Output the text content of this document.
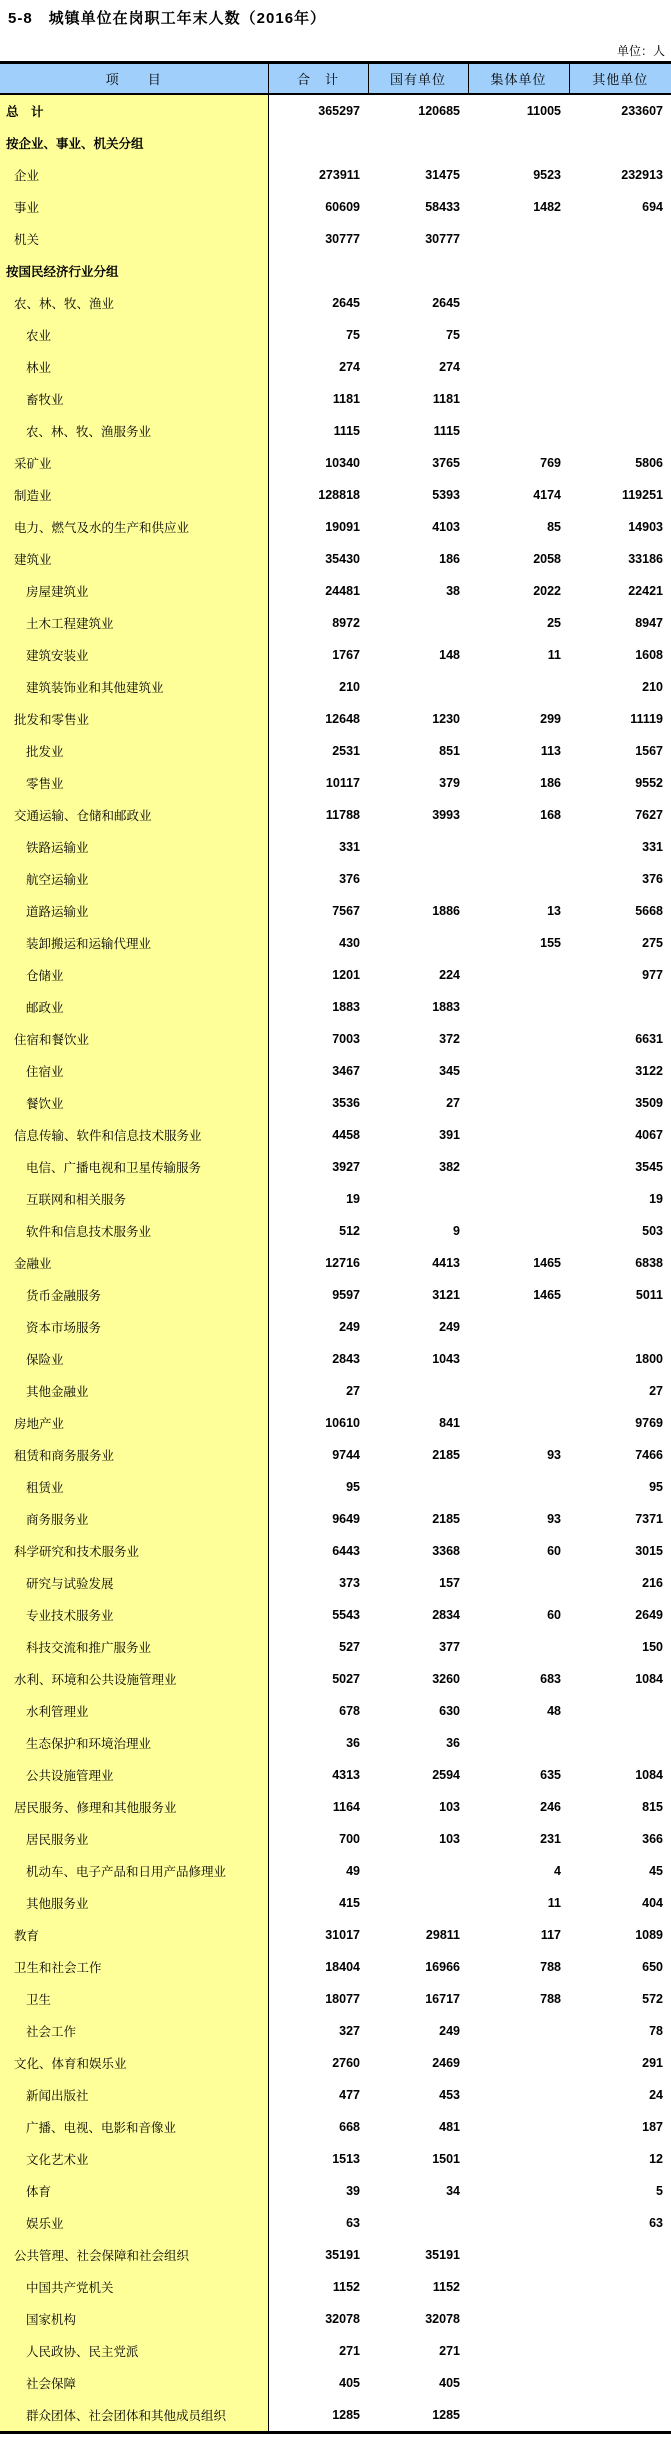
5-8　城镇单位在岗职工年末人数（2016年）
单位：人
项　　目	合　计	国有单位	集体单位	其他单位
总　计	365297	120685	11005	233607
按企业、事业、机关分组				
企业	273911	31475	9523	232913
事业	60609	58433	1482	694
机关	30777	30777		
按国民经济行业分组				
农、林、牧、渔业	2645	2645		
农业	75	75		
林业	274	274		
畜牧业	1181	1181		
农、林、牧、渔服务业	1115	1115		
采矿业	10340	3765	769	5806
制造业	128818	5393	4174	119251
电力、燃气及水的生产和供应业	19091	4103	85	14903
建筑业	35430	186	2058	33186
房屋建筑业	24481	38	2022	22421
土木工程建筑业	8972		25	8947
建筑安装业	1767	148	11	1608
建筑装饰业和其他建筑业	210			210
批发和零售业	12648	1230	299	11119
批发业	2531	851	113	1567
零售业	10117	379	186	9552
交通运输、仓储和邮政业	11788	3993	168	7627
铁路运输业	331			331
航空运输业	376			376
道路运输业	7567	1886	13	5668
装卸搬运和运输代理业	430		155	275
仓储业	1201	224		977
邮政业	1883	1883		
住宿和餐饮业	7003	372		6631
住宿业	3467	345		3122
餐饮业	3536	27		3509
信息传输、软件和信息技术服务业	4458	391		4067
电信、广播电视和卫星传输服务	3927	382		3545
互联网和相关服务	19			19
软件和信息技术服务业	512	9		503
金融业	12716	4413	1465	6838
货币金融服务	9597	3121	1465	5011
资本市场服务	249	249		
保险业	2843	1043		1800
其他金融业	27			27
房地产业	10610	841		9769
租赁和商务服务业	9744	2185	93	7466
租赁业	95			95
商务服务业	9649	2185	93	7371
科学研究和技术服务业	6443	3368	60	3015
研究与试验发展	373	157		216
专业技术服务业	5543	2834	60	2649
科技交流和推广服务业	527	377		150
水利、环境和公共设施管理业	5027	3260	683	1084
水利管理业	678	630	48	
生态保护和环境治理业	36	36		
公共设施管理业	4313	2594	635	1084
居民服务、修理和其他服务业	1164	103	246	815
居民服务业	700	103	231	366
机动车、电子产品和日用产品修理业	49		4	45
其他服务业	415		11	404
教育	31017	29811	117	1089
卫生和社会工作	18404	16966	788	650
卫生	18077	16717	788	572
社会工作	327	249		78
文化、体育和娱乐业	2760	2469		291
新闻出版社	477	453		24
广播、电视、电影和音像业	668	481		187
文化艺术业	1513	1501		12
体育	39	34		5
娱乐业	63			63
公共管理、社会保障和社会组织	35191	35191		
中国共产党机关	1152	1152		
国家机构	32078	32078		
人民政协、民主党派	271	271		
社会保障	405	405		
群众团体、社会团体和其他成员组织	1285	1285		
